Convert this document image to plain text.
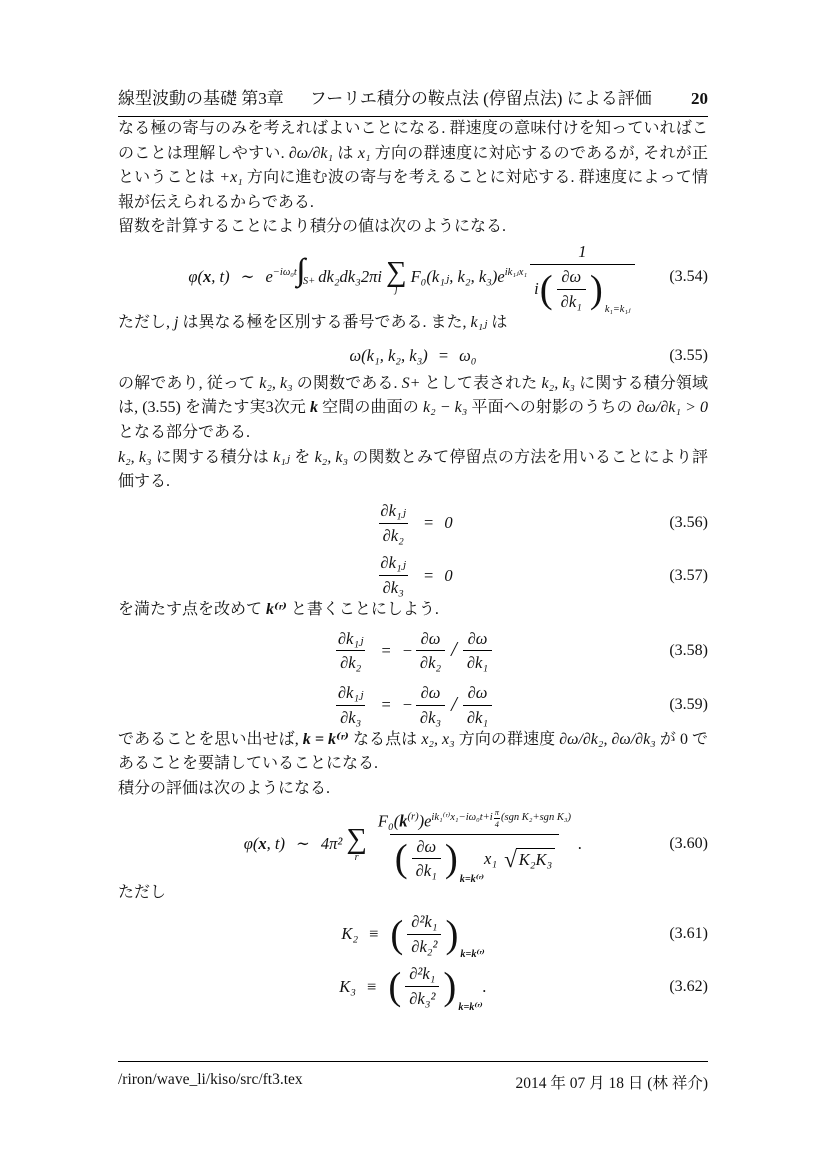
線型波動の基礎 第3章 フーリエ積分の鞍点法 (停留点法) による評価 20

なる極の寄与のみを考えればよいことになる. 群速度の意味付けを知っていればこのことは理解しやすい. ∂ω/∂k₁ は x₁ 方向の群速度に対応するのであるが, それが正ということは +x₁ 方向に進む波の寄与を考えることに対応する. 群速度によって情報が伝えられるからである.

留数を計算することにより積分の値は次のようになる.

φ(x, t) ∼ $e^{-i\omega_0t}$
$_{S+}$ dk₂dk₃2πi ∑
j
F₀(k₁ⱼ, k₂, $k_3)e^{ik_1ⱼx_1}$
1
i ( ∂ω
∂k₁ ) k₁=k₁ⱼ
(3.54)

ただし, j は異なる極を区別する番号である. また, k₁ⱼ は

ω(k₁, k₂, k₃) = ω₀	(3.55)

の解であり, 従って k₂, k₃ の関数である. S+ として表された k₂, k₃ に関する積分領域は, (3.55) を満たす実3次元 k 空間の曲面の k₂ − k₃ 平面への射影のうちの ∂ω/∂k₁ > 0 となる部分である.

k₂, k₃ に関する積分は k₁ⱼ を k₂, k₃ の関数とみて停留点の方法を用いることにより評価する.

$\frac{\text{∂k₁ⱼ}}{\text{∂k₂}} = 0$	(3.56)
$\frac{\text{∂k₁ⱼ}}{\text{∂k₃}} = 0$	(3.57)

を満たす点を改めて k⁽ʳ⁾ と書くことにしよう.

$\frac{\text{∂k₁ⱼ}}{\text{∂k₂}}$ = − $\frac{\partial\omega}{\text{∂k₂}}$ /
∂ω
∂k₁
(3.58)
$\frac{\text{∂k₁ⱼ}}{\text{∂k₃}}$ = − $\frac{\partial\omega}{\text{∂k₃}}$ /
∂ω
∂k₁
(3.59)

であることを思い出せば, k = k⁽ʳ⁾ なる点は x₂, x₃ 方向の群速度 ∂ω/∂k₂, ∂ω/∂k₃ が 0 であることを要請していることになる.

積分の評価は次のようになる.

φ(x, t) ∼ 4π² ∑
r
$F_0(k^{(r)})e$ ik₁⁽ʳ⁾x₁−iω₀t+i π
4
(sgn K₂+sgn K₃)
( ∂ω
∂k₁ ) k=k⁽ʳ⁾
x₁ √ K₂K₃
.	(3.60)

ただし

K₂ ≡ ( ∂²k₁
∂k₂² ) k=k⁽ʳ⁾
(3.61)
K₃ ≡ ( ∂²k₁
∂k₃² ) k=k⁽ʳ⁾
.	(3.62)
/riron/wave_li/kiso/src/ft3.tex	2014 年 07 月 18 日 (林 祥介)
